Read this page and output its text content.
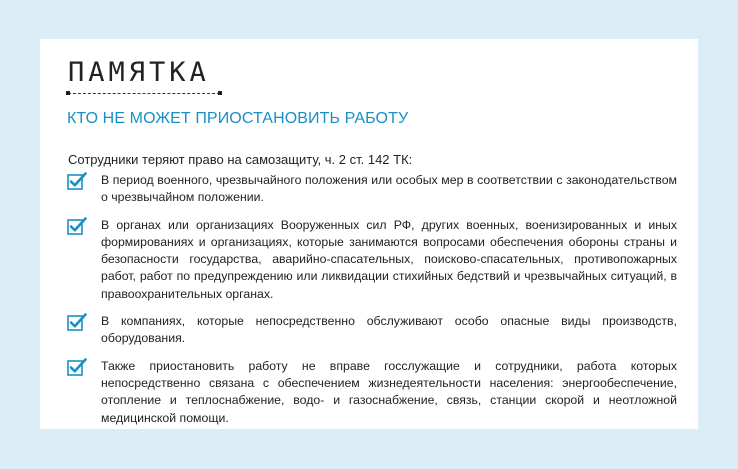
ПАМЯТКА
КТО НЕ МОЖЕТ ПРИОСТАНОВИТЬ РАБОТУ
Сотрудники теряют право на самозащиту, ч. 2 ст. 142 ТК:
В период военного, чрезвычайного положения или особых мер в соответствии с законодательством о чрезвычайном положении.
В органах или организациях Вооруженных сил РФ, других военных, военизированных и иных формированиях и организациях, которые занимаются вопросами обеспечения обороны страны и безопасности государства, аварийно-спасательных, поисково-спасательных, противопожарных работ, работ по предупреждению или ликвидации стихийных бедствий и чрезвычайных ситуаций, в правоохранительных органах.
В компаниях, которые непосредственно обслуживают особо опасные виды производств, оборудования.
Также приостановить работу не вправе госслужащие и сотрудники, работа которых непосредственно связана с обеспечением жизнедеятельности населения: энергообеспечение, отопление и теплоснабжение, водо- и газоснабжение, связь, станции скорой и неотложной медицинской помощи.
